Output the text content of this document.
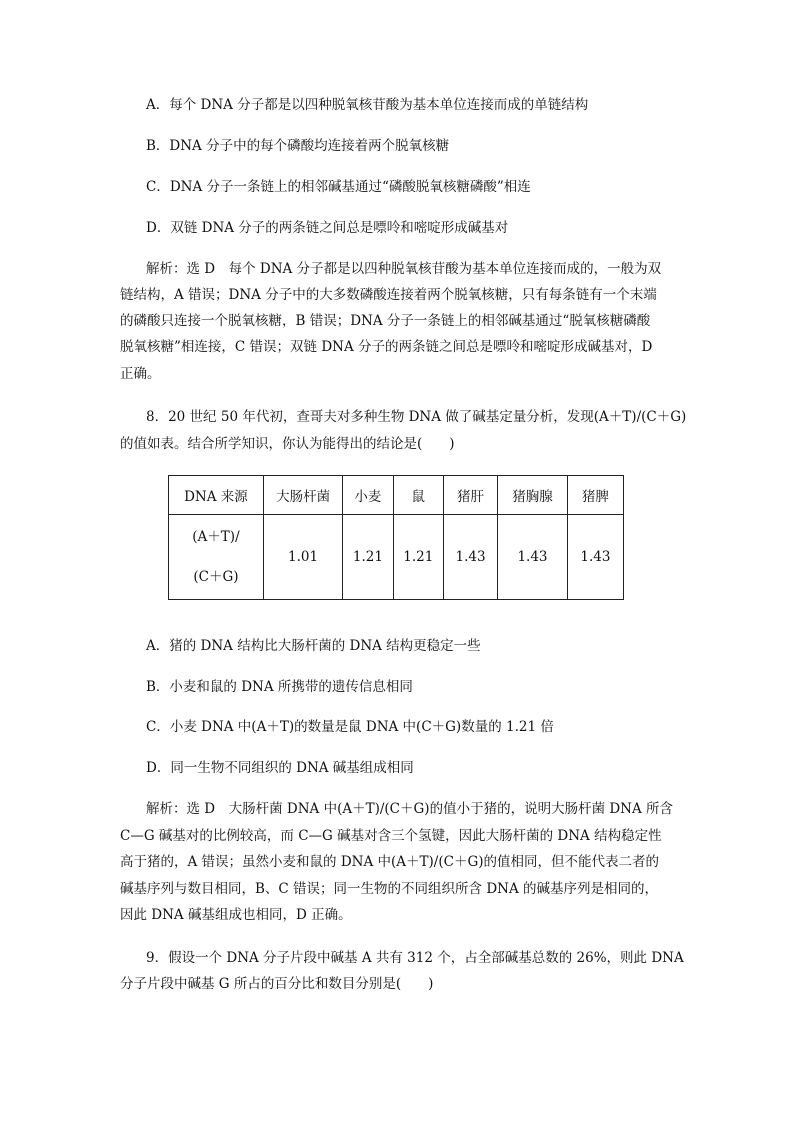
A．每个 DNA 分子都是以四种脱氧核苷酸为基本单位连接而成的单链结构
B．DNA 分子中的每个磷酸均连接着两个脱氧核糖
C．DNA 分子一条链上的相邻碱基通过“磷酸脱氧核糖磷酸”相连
D．双链 DNA 分子的两条链之间总是嘌呤和嘧啶形成碱基对
解析：选 D　每个 DNA 分子都是以四种脱氧核苷酸为基本单位连接而成的，一般为双
链结构，A 错误；DNA 分子中的大多数磷酸连接着两个脱氧核糖，只有每条链有一个末端
的磷酸只连接一个脱氧核糖，B 错误；DNA 分子一条链上的相邻碱基通过“脱氧核糖磷酸
脱氧核糖”相连接，C 错误；双链 DNA 分子的两条链之间总是嘌呤和嘧啶形成碱基对，D
正确。
8．20 世纪 50 年代初，查哥夫对多种生物 DNA 做了碱基定量分析，发现(A＋T)/(C＋G)
的值如表。结合所学知识，你认为能得出的结论是(　　)
DNA 来源	大肠杆菌	小麦	鼠	猪肝	猪胸腺	猪脾

(A＋T)/
(C＋G)	1.01	1.21	1.21	1.43	1.43	1.43
A．猪的 DNA 结构比大肠杆菌的 DNA 结构更稳定一些
B．小麦和鼠的 DNA 所携带的遗传信息相同
C．小麦 DNA 中(A＋T)的数量是鼠 DNA 中(C＋G)数量的 1.21 倍
D．同一生物不同组织的 DNA 碱基组成相同
解析：选 D　大肠杆菌 DNA 中(A＋T)/(C＋G)的值小于猪的，说明大肠杆菌 DNA 所含
C—G 碱基对的比例较高，而 C—G 碱基对含三个氢键，因此大肠杆菌的 DNA 结构稳定性
高于猪的，A 错误；虽然小麦和鼠的 DNA 中(A＋T)/(C＋G)的值相同，但不能代表二者的
碱基序列与数目相同，B、C 错误；同一生物的不同组织所含 DNA 的碱基序列是相同的，
因此 DNA 碱基组成也相同，D 正确。
9．假设一个 DNA 分子片段中碱基 A 共有 312 个，占全部碱基总数的 26%，则此 DNA
分子片段中碱基 G 所占的百分比和数目分别是(　　)
